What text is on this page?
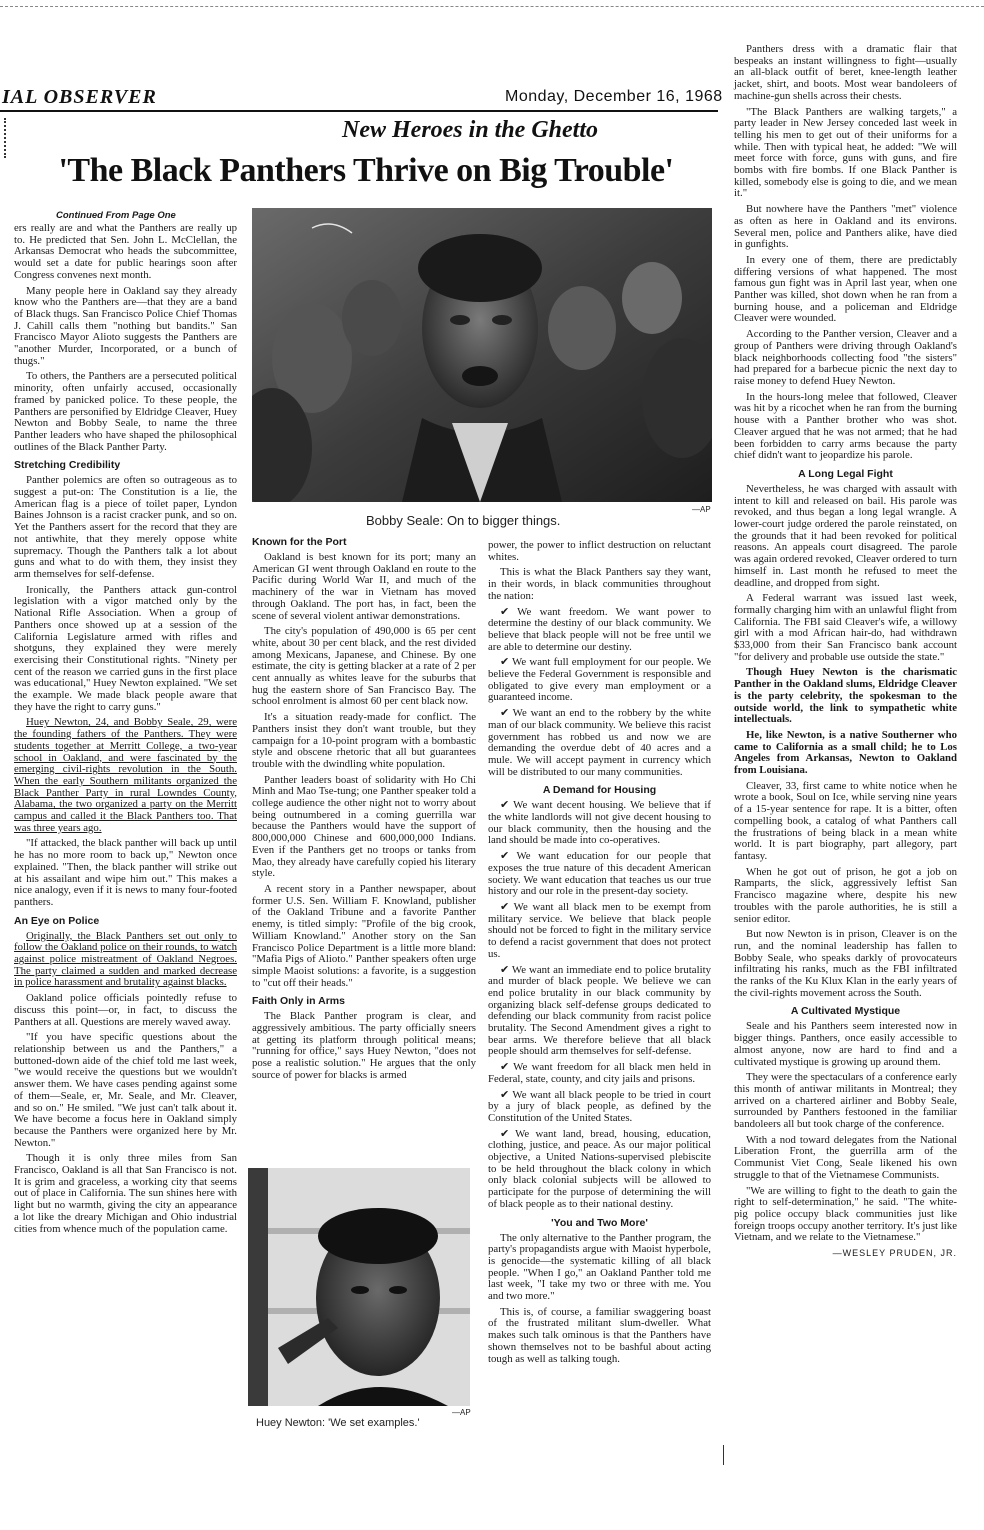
IAL OBSERVER	Monday, December 16, 1968
New Heroes in the Ghetto
'The Black Panthers Thrive on Big Trouble'
Continued From Page One

ers really are and what the Panthers are really up to. He predicted that Sen. John L. McClellan, the Arkansas Democrat who heads the subcommittee, would set a date for public hearings soon after Congress convenes next month.

Many people here in Oakland say they already know who the Panthers are—that they are a band of Black thugs. San Francisco Police Chief Thomas J. Cahill calls them "nothing but bandits." San Francisco Mayor Alioto suggests the Panthers are "another Murder, Incorporated, or a bunch of thugs."

To others, the Panthers are a persecuted political minority, often unfairly accused, occasionally framed by panicked police. To these people, the Panthers are personified by Eldridge Cleaver, Huey Newton and Bobby Seale, to name the three Panther leaders who have shaped the philosophical outlines of the Black Panther Party.

Stretching Credibility

Panther polemics are often so outrageous as to suggest a put-on: The Constitution is a lie, the American flag is a piece of toilet paper, Lyndon Baines Johnson is a racist cracker punk, and so on. Yet the Panthers assert for the record that they are not antiwhite, that they merely oppose white supremacy. Though the Panthers talk a lot about guns and what to do with them, they insist they arm themselves for self-defense.

Ironically, the Panthers attack gun-control legislation with a vigor matched only by the National Rifle Association. When a group of Panthers once showed up at a session of the California Legislature armed with rifles and shotguns, they explained they were merely exercising their Constitutional rights. "Ninety per cent of the reason we carried guns in the first place was educational," Huey Newton explained. "We set the example. We made black people aware that they have the right to carry guns."

Huey Newton, 24, and Bobby Seale, 29, were the founding fathers of the Panthers. They were students together at Merritt College, a two-year school in Oakland, and were fascinated by the emerging civil-rights revolution in the South. When the early Southern militants organized the Black Panther Party in rural Lowndes County, Alabama, the two organized a party on the Merritt campus and called it the Black Panthers too. That was three years ago.

"If attacked, the black panther will back up until he has no more room to back up," Newton once explained. "Then, the black panther will strike out at his assailant and wipe him out." This makes a nice analogy, even if it is news to many four-footed panthers.

An Eye on Police

Originally, the Black Panthers set out only to follow the Oakland police on their rounds, to watch against police mistreatment of Oakland Negroes. The party claimed a sudden and marked decrease in police harassment and brutality against blacks.

Oakland police officials pointedly refuse to discuss this point—or, in fact, to discuss the Panthers at all. Questions are merely waved away.

"If you have specific questions about the relationship between us and the Panthers," a buttoned-down aide of the chief told me last week, "we would receive the questions but we wouldn't answer them. We have cases pending against some of them—Seale, er, Mr. Seale, and Mr. Cleaver, and so on." He smiled. "We just can't talk about it. We have become a focus here in Oakland simply because the Panthers were organized here by Mr. Newton."

Though it is only three miles from San Francisco, Oakland is all that San Francisco is not. It is grim and graceless, a working city that seems out of place in California. The sun shines here with light but no warmth, giving the city an appearance a lot like the dreary Michigan and Ohio industrial cities from whence much of the population came.

—AP
Bobby Seale: On to bigger things.
Known for the Port

Oakland is best known for its port; many an American GI went through Oakland en route to the Pacific during World War II, and much of the machinery of the war in Vietnam has moved through Oakland. The port has, in fact, been the scene of several violent antiwar demonstrations.

The city's population of 490,000 is 65 per cent white, about 30 per cent black, and the rest divided among Mexicans, Japanese, and Chinese. By one estimate, the city is getting blacker at a rate of 2 per cent annually as whites leave for the suburbs that hug the eastern shore of San Francisco Bay. The school enrolment is almost 60 per cent black now.

It's a situation ready-made for conflict. The Panthers insist they don't want trouble, but they campaign for a 10-point program with a bombastic style and obscene rhetoric that all but guarantees trouble with the dwindling white population.

Panther leaders boast of solidarity with Ho Chi Minh and Mao Tse-tung; one Panther speaker told a college audience the other night not to worry about being outnumbered in a coming guerrilla war because the Panthers would have the support of 800,000,000 Chinese and 600,000,000 Indians. Even if the Panthers get no troops or tanks from Mao, they already have carefully copied his literary style.

A recent story in a Panther newspaper, about former U.S. Sen. William F. Knowland, publisher of the Oakland Tribune and a favorite Panther enemy, is titled simply: "Profile of the big crook, William Knowland." Another story on the San Francisco Police Department is a little more bland: "Mafia Pigs of Alioto." Panther speakers often urge simple Maoist solutions: a favorite, is a suggestion to "cut off their heads."

Faith Only in Arms

The Black Panther program is clear, and aggressively ambitious. The party officially sneers at getting its platform through political means; "running for office," says Huey Newton, "does not pose a realistic solution." He argues that the only source of power for blacks is armed

—AP
Huey Newton: 'We set examples.'

power, the power to inflict destruction on reluctant whites.

This is what the Black Panthers say they want, in their words, in black communities throughout the nation:

✔ We want freedom. We want power to determine the destiny of our black community. We believe that black people will not be free until we are able to determine our destiny.

✔ We want full employment for our people. We believe the Federal Government is responsible and obligated to give every man employment or a guaranteed income.

✔ We want an end to the robbery by the white man of our black community. We believe this racist government has robbed us and now we are demanding the overdue debt of 40 acres and a mule. We will accept payment in currency which will be distributed to our many communities.

A Demand for Housing

✔ We want decent housing. We believe that if the white landlords will not give decent housing to our black community, then the housing and the land should be made into co-operatives.

✔ We want education for our people that exposes the true nature of this decadent American society. We want education that teaches us our true history and our role in the present-day society.

✔ We want all black men to be exempt from military service. We believe that black people should not be forced to fight in the military service to defend a racist government that does not protect us.

✔ We want an immediate end to police brutality and murder of black people. We believe we can end police brutality in our black community by organizing black self-defense groups dedicated to defending our black community from racist police brutality. The Second Amendment gives a right to bear arms. We therefore believe that all black people should arm themselves for self-defense.

✔ We want freedom for all black men held in Federal, state, county, and city jails and prisons.

✔ We want all black people to be tried in court by a jury of black people, as defined by the Constitution of the United States.

✔ We want land, bread, housing, education, clothing, justice, and peace. As our major political objective, a United Nations-supervised plebiscite to be held throughout the black colony in which only black colonial subjects will be allowed to participate for the purpose of determining the will of black people as to their national destiny.

'You and Two More'

The only alternative to the Panther program, the party's propagandists argue with Maoist hyperbole, is genocide—the systematic killing of all black people. "When I go," an Oakland Panther told me last week, "I take my two or three with me. You and two more."

This is, of course, a familiar swaggering boast of the frustrated militant slum-dweller. What makes such talk ominous is that the Panthers have shown themselves not to be bashful about acting tough as well as talking tough.

Panthers dress with a dramatic flair that bespeaks an instant willingness to fight—usually an all-black outfit of beret, knee-length leather jacket, shirt, and boots. Most wear bandoleers of machine-gun shells across their chests.

"The Black Panthers are walking targets," a party leader in New Jersey conceded last week in telling his men to get out of their uniforms for a while. Then with typical heat, he added: "We will meet force with force, guns with guns, and fire bombs with fire bombs. If one Black Panther is killed, somebody else is going to die, and we mean it."

But nowhere have the Panthers "met" violence as often as here in Oakland and its environs. Several men, police and Panthers alike, have died in gunfights.

In every one of them, there are predictably differing versions of what happened. The most famous gun fight was in April last year, when one Panther was killed, shot down when he ran from a burning house, and a policeman and Eldridge Cleaver were wounded.

According to the Panther version, Cleaver and a group of Panthers were driving through Oakland's black neighborhoods collecting food "the sisters" had prepared for a barbecue picnic the next day to raise money to defend Huey Newton.

In the hours-long melee that followed, Cleaver was hit by a ricochet when he ran from the burning house with a Panther brother who was shot. Cleaver argued that he was not armed; that he had been forbidden to carry arms because the party chief didn't want to jeopardize his parole.

A Long Legal Fight

Nevertheless, he was charged with assault with intent to kill and released on bail. His parole was revoked, and thus began a long legal wrangle. A lower-court judge ordered the parole reinstated, on the grounds that it had been revoked for political reasons. An appeals court disagreed. The parole was again ordered revoked, Cleaver ordered to turn himself in. Last month he refused to meet the deadline, and dropped from sight.

A Federal warrant was issued last week, formally charging him with an unlawful flight from California. The FBI said Cleaver's wife, a willowy girl with a mod African hair-do, had withdrawn $33,000 from their San Francisco bank account "for delivery and probable use outside the state."

Though Huey Newton is the charismatic Panther in the Oakland slums, Eldridge Cleaver is the party celebrity, the spokesman to the outside world, the link to sympathetic white intellectuals.

He, like Newton, is a native Southerner who came to California as a small child; he to Los Angeles from Arkansas, Newton to Oakland from Louisiana.

Cleaver, 33, first came to white notice when he wrote a book, Soul on Ice, while serving nine years of a 15-year sentence for rape. It is a bitter, often compelling book, a catalog of what Panthers call the frustrations of being black in a mean white world. It is part biography, part allegory, part fantasy.

When he got out of prison, he got a job on Ramparts, the slick, aggressively leftist San Francisco magazine where, despite his new troubles with the parole authorities, he is still a senior editor.

But now Newton is in prison, Cleaver is on the run, and the nominal leadership has fallen to Bobby Seale, who speaks darkly of provocateurs infiltrating his ranks, much as the FBI infiltrated the ranks of the Ku Klux Klan in the early years of the civil-rights movement across the South.

A Cultivated Mystique

Seale and his Panthers seem interested now in bigger things. Panthers, once easily accessible to almost anyone, now are hard to find and a cultivated mystique is growing up around them.

They were the spectaculars of a conference early this month of antiwar militants in Montreal; they arrived on a chartered airliner and Bobby Seale, surrounded by Panthers festooned in the familiar bandoleers all but took charge of the conference.

With a nod toward delegates from the National Liberation Front, the guerrilla arm of the Communist Viet Cong, Seale likened his own struggle to that of the Vietnamese Communists.

"We are willing to fight to the death to gain the right to self-determination," he said. "The white-pig police occupy black communities just like foreign troops occupy another territory. It's just like Vietnam, and we relate to the Vietnamese."

—WESLEY PRUDEN, JR.
